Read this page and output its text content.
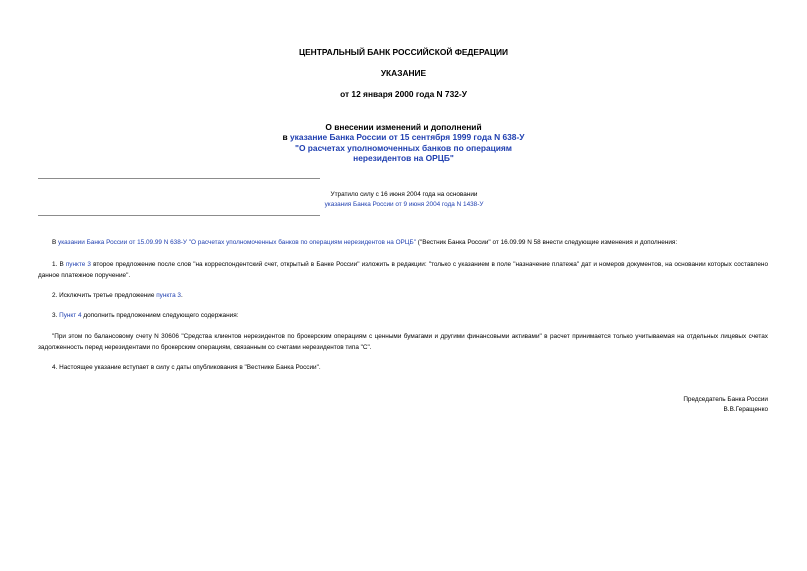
ЦЕНТРАЛЬНЫЙ БАНК РОССИЙСКОЙ ФЕДЕРАЦИИ
УКАЗАНИЕ
от 12 января 2000 года N 732-У
О внесении изменений и дополнений
в указание Банка России от 15 сентября 1999 года N 638-У
"О расчетах уполномоченных банков по операциям
нерезидентов на ОРЦБ"
Утратило силу с 16 июня 2004 года на основании
указания Банка России от 9 июня 2004 года N 1438-У
В указании Банка России от 15.09.99 N 638-У "О расчетах уполномоченных банков по операциям нерезидентов на ОРЦБ" ("Вестник Банка России" от 16.09.99 N 58 внести следующие изменения и дополнения:
1. В пункте 3 второе предложение после слов "на корреспондентский счет, открытый в Банке России" изложить в редакции: "только с указанием в поле "назначение платежа" дат и номеров документов, на основании которых составлено данное платежное поручение".
2. Исключить третье предложение пункта 3.
3. Пункт 4 дополнить предложением следующего содержания:
"При этом по балансовому счету N 30606 "Средства клиентов нерезидентов по брокерским операциям с ценными бумагами и другими финансовыми активами" в расчет принимается только учитываемая на отдельных лицевых счетах задолженность перед нерезидентами по брокерским операциям, связанным со счетами нерезидентов типа "С".
4. Настоящее указание вступает в силу с даты опубликования в "Вестнике Банка России".
Председатель Банка России
В.В.Геращенко
